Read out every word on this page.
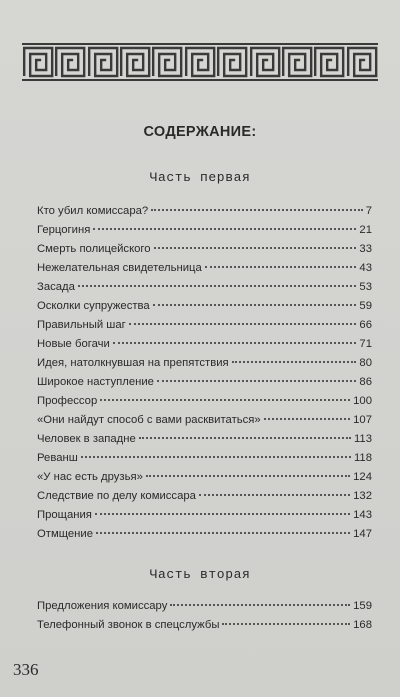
СОДЕРЖАНИЕ:
Часть первая
Кто убил комиссара?	7
Герцогиня	21
Смерть полицейского	33
Нежелательная свидетельница	43
Засада	53
Осколки супружества	59
Правильный шаг	66
Новые богачи	71
Идея, натолкнувшая на препятствия	80
Широкое наступление	86
Профессор	100
«Они найдут способ с вами расквитаться»	107
Человек в западне	113
Реванш	118
«У нас есть друзья»	124
Следствие по делу комиссара	132
Прощания	143
Отмщение	147
Часть вторая
Предложения комиссару	159
Телефонный звонок в спецслужбы	168
336
